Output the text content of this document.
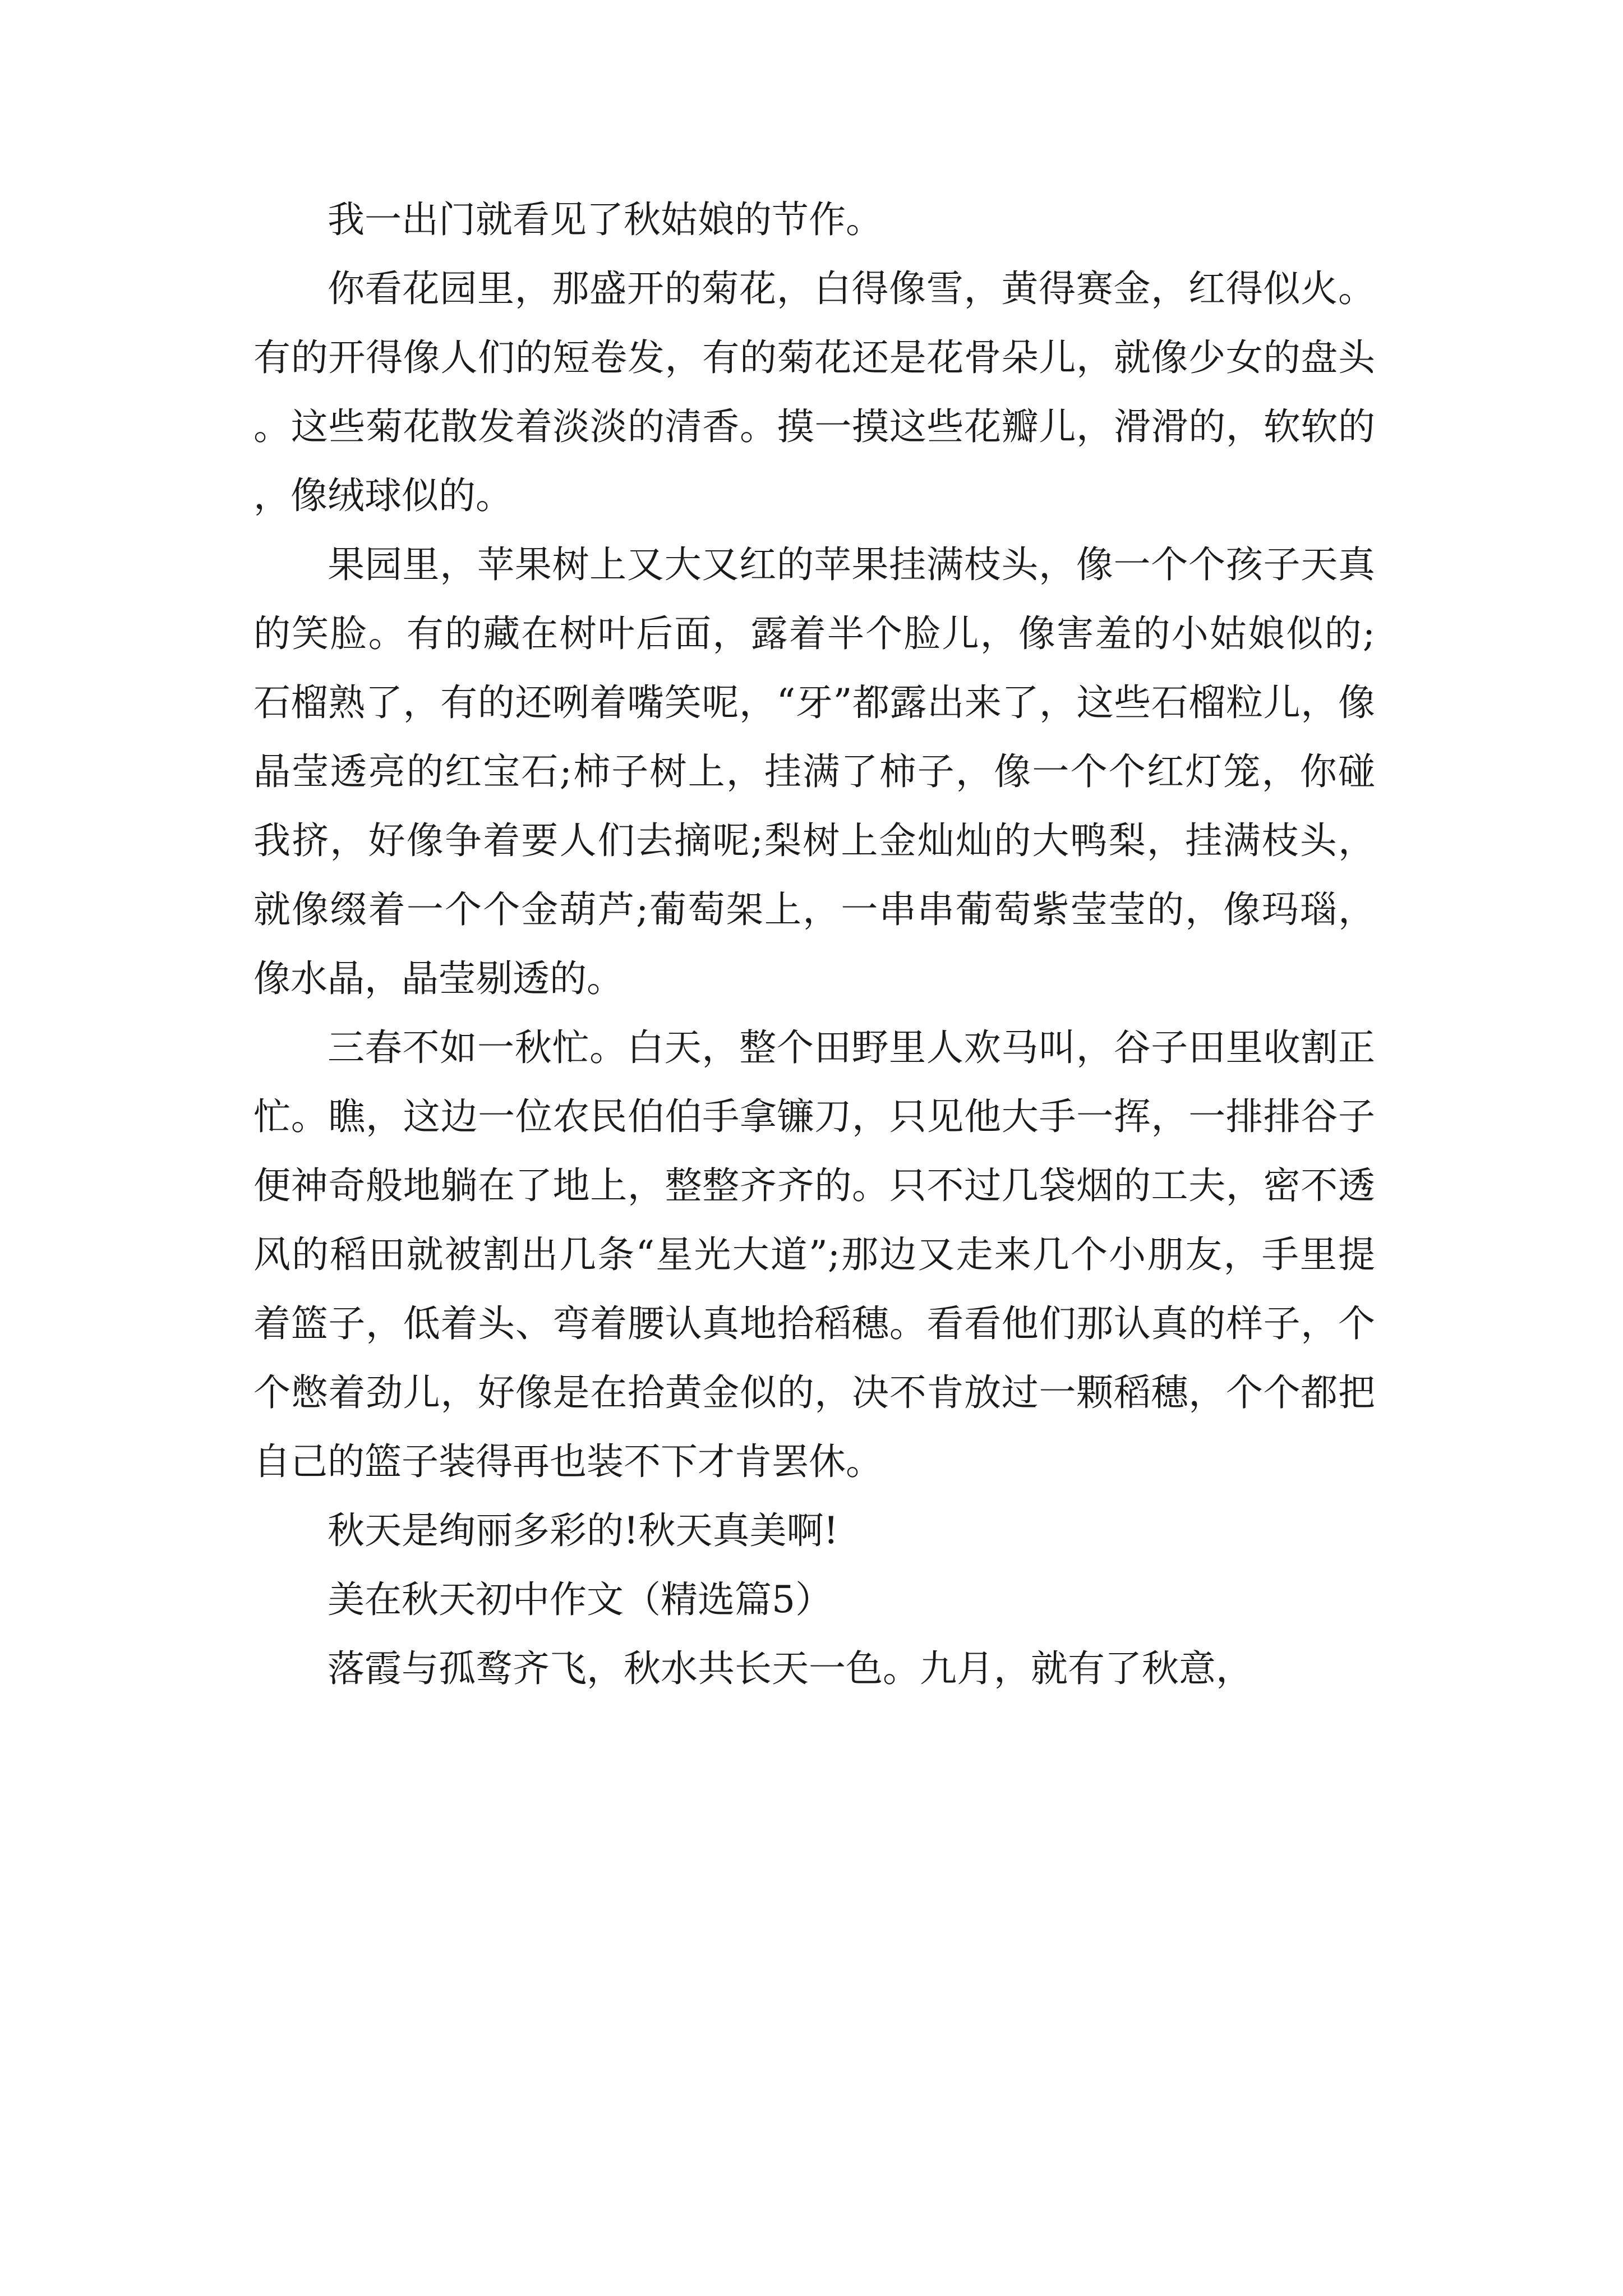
我一出门就看见了秋姑娘的节作。

你看花园里，那盛开的菊花，白得像雪，黄得赛金，红得似火。有的开得像人们的短卷发，有的菊花还是花骨朵儿，就像少女的盘头。这些菊花散发着淡淡的清香。摸一摸这些花瓣儿，滑滑的，软软的，像绒球似的。

果园里，苹果树上又大又红的苹果挂满枝头，像一个个孩子天真的笑脸。有的藏在树叶后面，露着半个脸儿，像害羞的小姑娘似的;石榴熟了，有的还咧着嘴笑呢，“牙”都露出来了，这些石榴粒儿，像晶莹透亮的红宝石;柿子树上，挂满了柿子，像一个个红灯笼，你碰我挤，好像争着要人们去摘呢;梨树上金灿灿的大鸭梨，挂满枝头，就像缀着一个个金葫芦;葡萄架上，一串串葡萄紫莹莹的，像玛瑙，像水晶，晶莹剔透的。

三春不如一秋忙。白天，整个田野里人欢马叫，谷子田里收割正忙。瞧，这边一位农民伯伯手拿镰刀，只见他大手一挥，一排排谷子便神奇般地躺在了地上，整整齐齐的。只不过几袋烟的工夫，密不透风的稻田就被割出几条“星光大道”;那边又走来几个小朋友，手里提着篮子，低着头、弯着腰认真地拾稻穗。看看他们那认真的样子，个个憋着劲儿，好像是在拾黄金似的，决不肯放过一颗稻穗，个个都把自己的篮子装得再也装不下才肯罢休。

秋天是绚丽多彩的!秋天真美啊!

美在秋天初中作文（精选篇5）

落霞与孤鹜齐飞，秋水共长天一色。九月，就有了秋意，
